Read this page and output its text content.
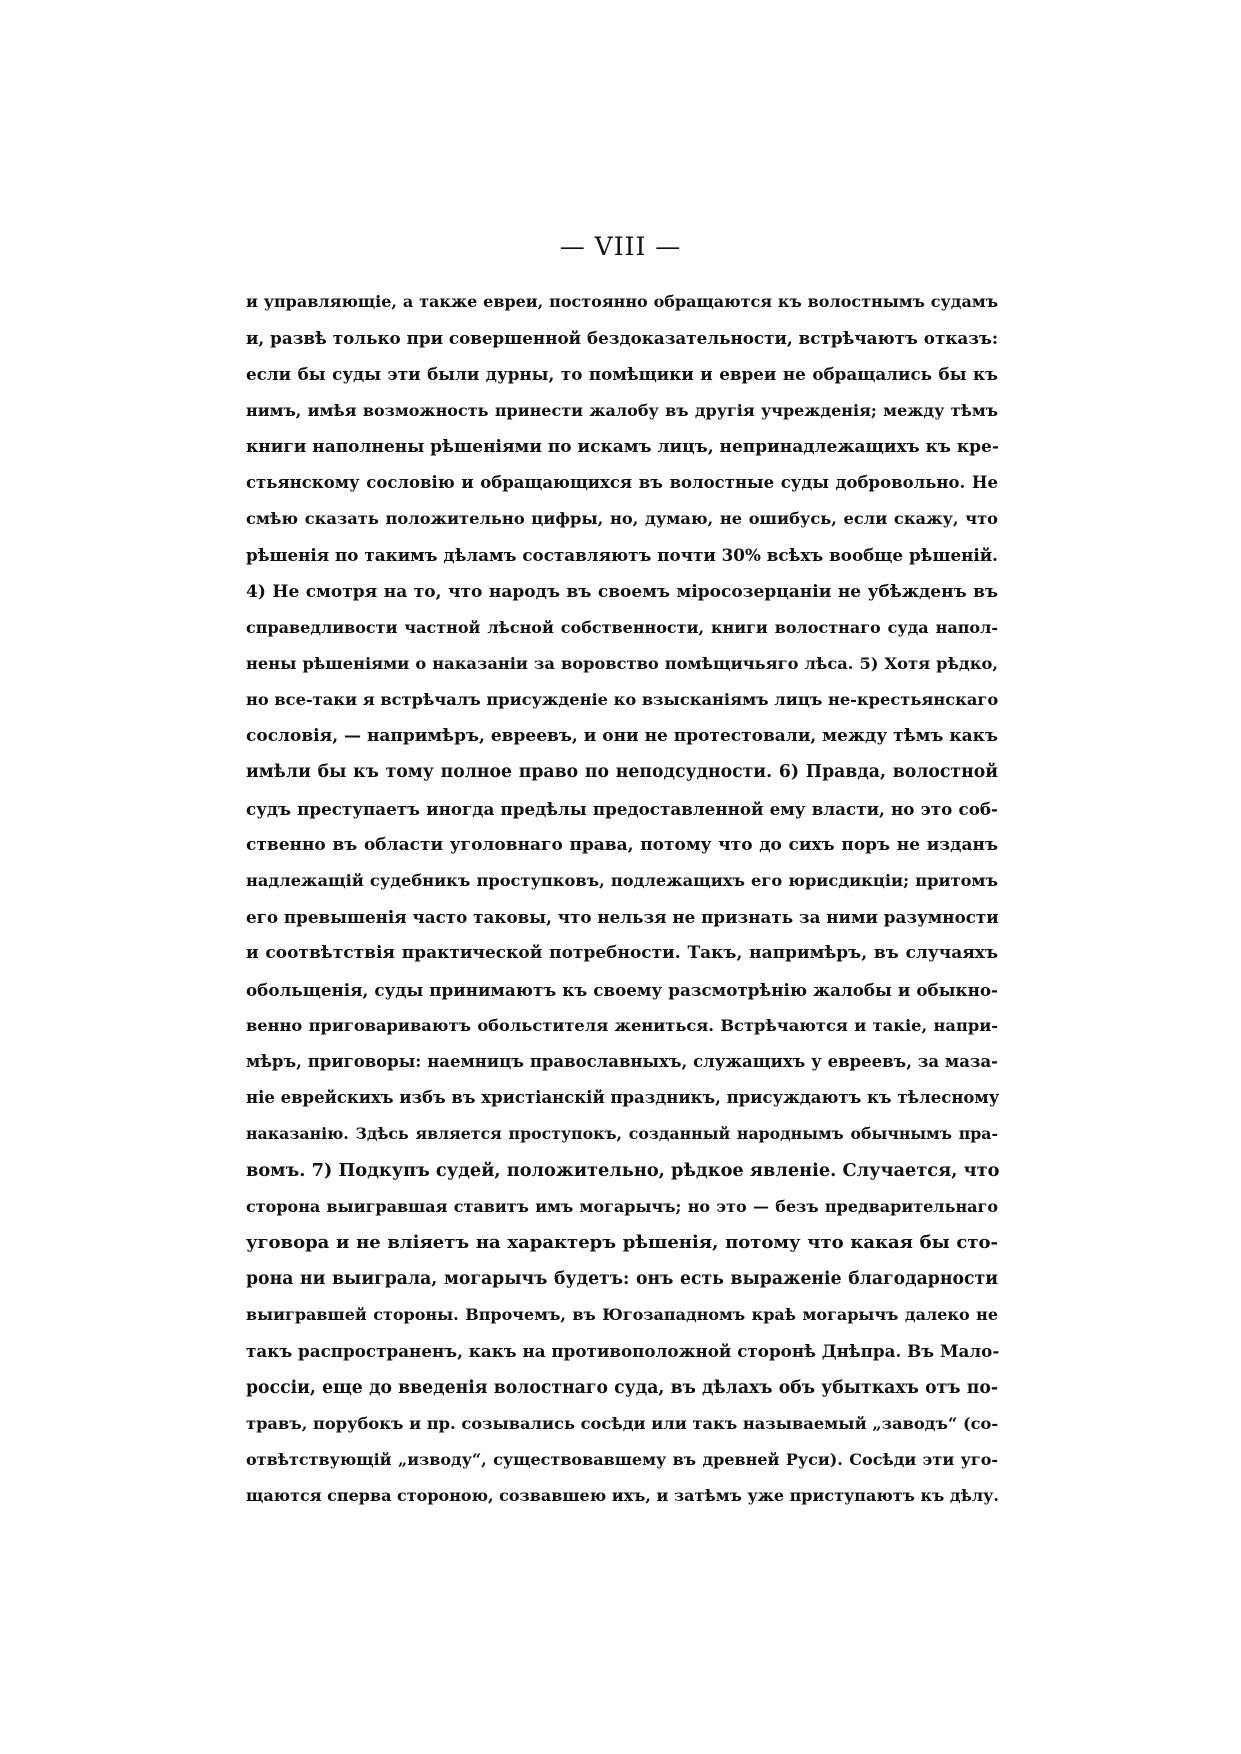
— VIII —
и управляющіе, а также евреи, постоянно обращаются къ волостнымъ судамъ
и, развѣ только при совершенной бездоказательности, встрѣчаютъ отказъ:
если бы суды эти были дурны, то помѣщики и евреи не обращались бы къ
нимъ, имѣя возможность принести жалобу въ другія учрежденія; между тѣмъ
книги наполнены рѣшеніями по искамъ лицъ, непринадлежащихъ къ кре-
стьянскому сословію и обращающихся въ волостные суды добровольно. Не
смѣю сказать положительно цифры, но, думаю, не ошибусь, если скажу, что
рѣшенія по такимъ дѣламъ составляютъ почти 30% всѣхъ вообще рѣшеній.
4) Не смотря на то, что народъ въ своемъ міросозерцаніи не убѣжденъ въ
справедливости частной лѣсной собственности, книги волостнаго суда напол-
нены рѣшеніями о наказаніи за воровство помѣщичьяго лѣса. 5) Хотя рѣдко,
но все-таки я встрѣчалъ присужденіе ко взысканіямъ лицъ не-крестьянскаго
сословія, — напримѣръ, евреевъ, и они не протестовали, между тѣмъ какъ
имѣли бы къ тому полное право по неподсудности. 6) Правда, волостной
судъ преступаетъ иногда предѣлы предоставленной ему власти, но это соб-
ственно въ области уголовнаго права, потому что до сихъ поръ не изданъ
надлежащій судебникъ проступковъ, подлежащихъ его юрисдикціи; притомъ
его превышенія часто таковы, что нельзя не признать за ними разумности
и соотвѣтствія практической потребности. Такъ, напримѣръ, въ случаяхъ
обольщенія, суды принимаютъ къ своему разсмотрѣнію жалобы и обыкно-
венно приговариваютъ обольстителя жениться. Встрѣчаются и такіе, напри-
мѣръ, приговоры: наемницъ православныхъ, служащихъ у евреевъ, за маза-
ніе еврейскихъ избъ въ христіанскій праздникъ, присуждаютъ къ тѣлесному
наказанію. Здѣсь является проступокъ, созданный народнымъ обычнымъ пра-
вомъ. 7) Подкупъ судей, положительно, рѣдкое явленіе. Случается, что
сторона выигравшая ставитъ имъ могарычъ; но это — безъ предварительнаго
уговора и не вліяетъ на характеръ рѣшенія, потому что какая бы сто-
рона ни выиграла, могарычъ будетъ: онъ есть выраженіе благодарности
выигравшей стороны. Впрочемъ, въ Югозападномъ краѣ могарычъ далеко не
такъ распространенъ, какъ на противоположной сторонѣ Днѣпра. Въ Мало-
россіи, еще до введенія волостнаго суда, въ дѣлахъ объ убыткахъ отъ по-
травъ, порубокъ и пр. созывались сосѣди или такъ называемый „заводъ“ (со-
отвѣтствующій „изводу“, существовавшему въ древней Руси). Сосѣди эти уго-
щаются сперва стороною, созвавшею ихъ, и затѣмъ уже приступаютъ къ дѣлу.
